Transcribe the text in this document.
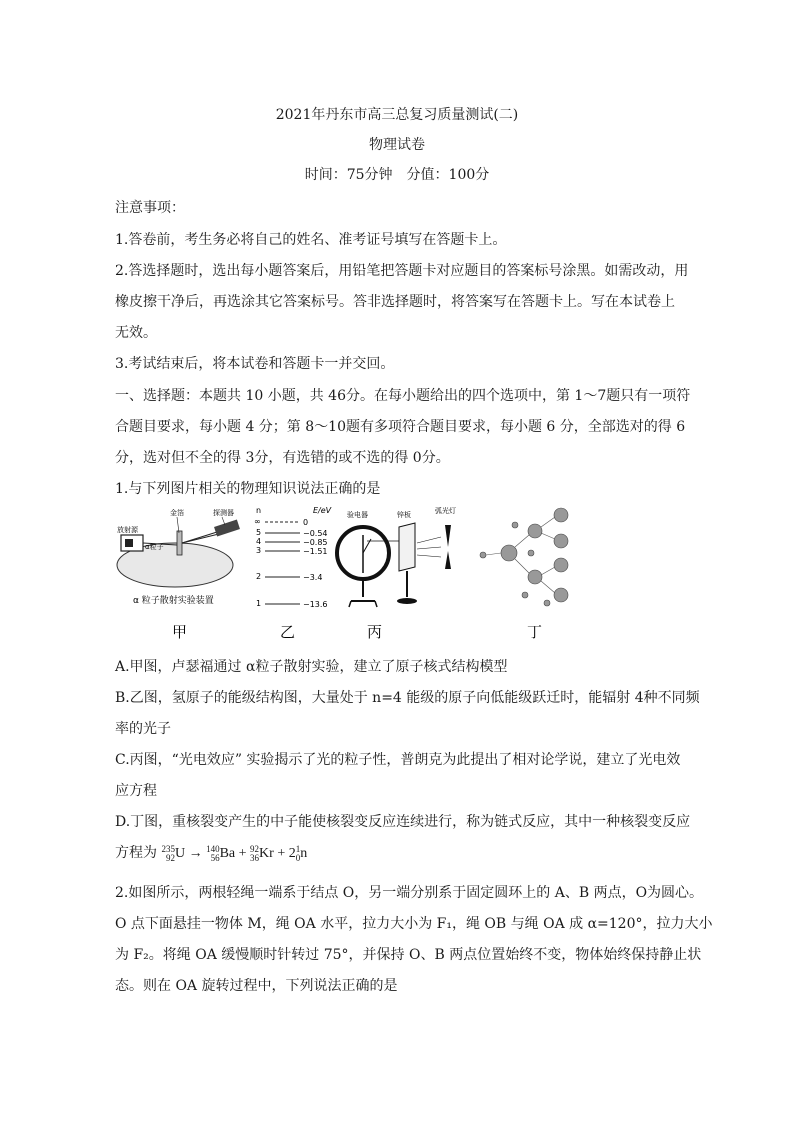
2021年丹东市高三总复习质量测试(二)
物理试卷
时间：75分钟　分值：100分
注意事项：
1.答卷前，考生务必将自己的姓名、准考证号填写在答题卡上。
2.答选择题时，选出每小题答案后，用铅笔把答题卡对应题目的答案标号涂黑。如需改动，用
橡皮擦干净后，再选涂其它答案标号。答非选择题时，将答案写在答题卡上。写在本试卷上
无效。
3.考试结束后，将本试卷和答题卡一并交回。
一、选择题：本题共 10 小题，共 46分。在每小题给出的四个选项中，第 1～7题只有一项符
合题目要求，每小题 4 分；第 8～10题有多项符合题目要求，每小题 6 分，全部选对的得 6
分，选对但不全的得 3分，有选错的或不选的得 0分。
1.与下列图片相关的物理知识说法正确的是
放射源
α粒子
金箔	探测器
α 粒子散射实验装置
n	E/eV
∞	0
5	−0.54
4	−0.85
3	−1.51
2	−3.4
1	−13.6
验电器	锌板	弧光灯
甲	乙	丙	丁
A.甲图，卢瑟福通过 α粒子散射实验，建立了原子核式结构模型
B.乙图，氢原子的能级结构图，大量处于 n=4 能级的原子向低能级跃迁时，能辐射 4种不同频
率的光子
C.丙图，“光电效应” 实验揭示了光的粒子性，普朗克为此提出了相对论学说，建立了光电效
应方程
D.丁图，重核裂变产生的中子能使核裂变反应连续进行，称为链式反应，其中一种核裂变反应
方程为 235
92 U → 140
56 Ba + 92
36 Kr + 2 1
0 n
2.如图所示，两根轻绳一端系于结点 O，另一端分别系于固定圆环上的 A、B 两点，O为圆心。
O 点下面悬挂一物体 M，绳 OA 水平，拉力大小为 F₁，绳 OB 与绳 OA 成 α=120°，拉力大小
为 F₂。将绳 OA 缓慢顺时针转过 75°，并保持 O、B 两点位置始终不变，物体始终保持静止状
态。则在 OA 旋转过程中，下列说法正确的是
